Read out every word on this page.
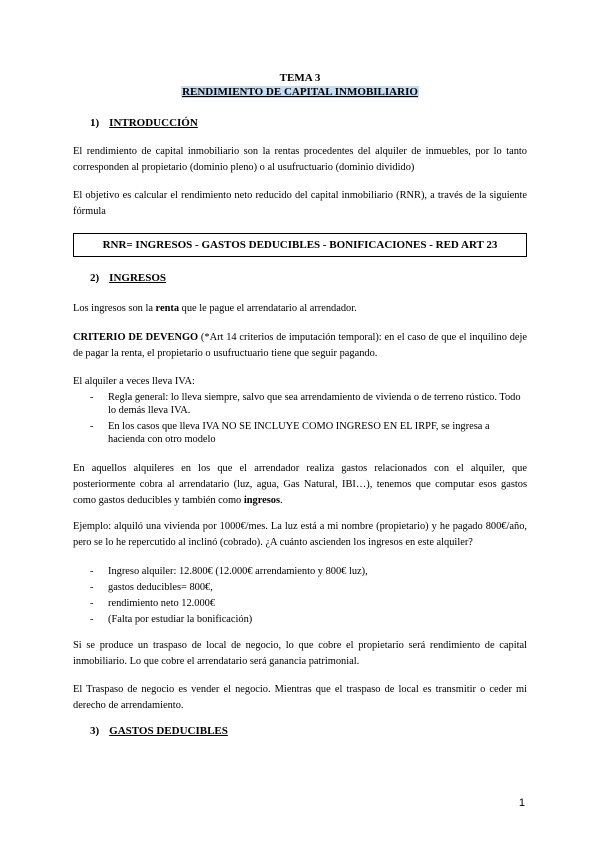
TEMA 3
RENDIMIENTO DE CAPITAL INMOBILIARIO
1) INTRODUCCIÓN
El rendimiento de capital inmobiliario son la rentas procedentes del alquiler de inmuebles, por lo tanto corresponden al propietario (dominio pleno) o al usufructuario (dominio dividido)
El objetivo es calcular el rendimiento neto reducido del capital inmobiliario (RNR), a través de la siguiente fórmula
RNR= INGRESOS - GASTOS DEDUCIBLES - BONIFICACIONES - RED ART 23
2) INGRESOS
Los ingresos son la renta que le pague el arrendatario al arrendador.
CRITERIO DE DEVENGO (*Art 14 criterios de imputación temporal): en el caso de que el inquilino deje de pagar la renta, el propietario o usufructuario tiene que seguir pagando.
El alquiler a veces lleva IVA:
- Regla general: lo lleva siempre, salvo que sea arrendamiento de vivienda o de terreno rústico. Todo lo demás lleva IVA.
- En los casos que lleva IVA NO SE INCLUYE COMO INGRESO EN EL IRPF, se ingresa a hacienda con otro modelo
En aquellos alquileres en los que el arrendador realiza gastos relacionados con el alquiler, que posteriormente cobra al arrendatario (luz, agua, Gas Natural, IBI…), tenemos que computar esos gastos como gastos deducibles y también como ingresos.
Ejemplo: alquiló una vivienda por 1000€/mes. La luz está a mi nombre (propietario) y he pagado 800€/año, pero se lo he repercutido al inclinó (cobrado). ¿A cuánto ascienden los ingresos en este alquiler?
- Ingreso alquiler: 12.800€ (12.000€ arrendamiento y 800€ luz),
- gastos deducibles= 800€,
- rendimiento neto 12.000€
- (Falta por estudiar la bonificación)
Si se produce un traspaso de local de negocio, lo que cobre el propietario será rendimiento de capital inmobiliario. Lo que cobre el arrendatario será ganancia patrimonial.
El Traspaso de negocio es vender el negocio. Mientras que el traspaso de local es transmitir o ceder mi derecho de arrendamiento.
3) GASTOS DEDUCIBLES
1
